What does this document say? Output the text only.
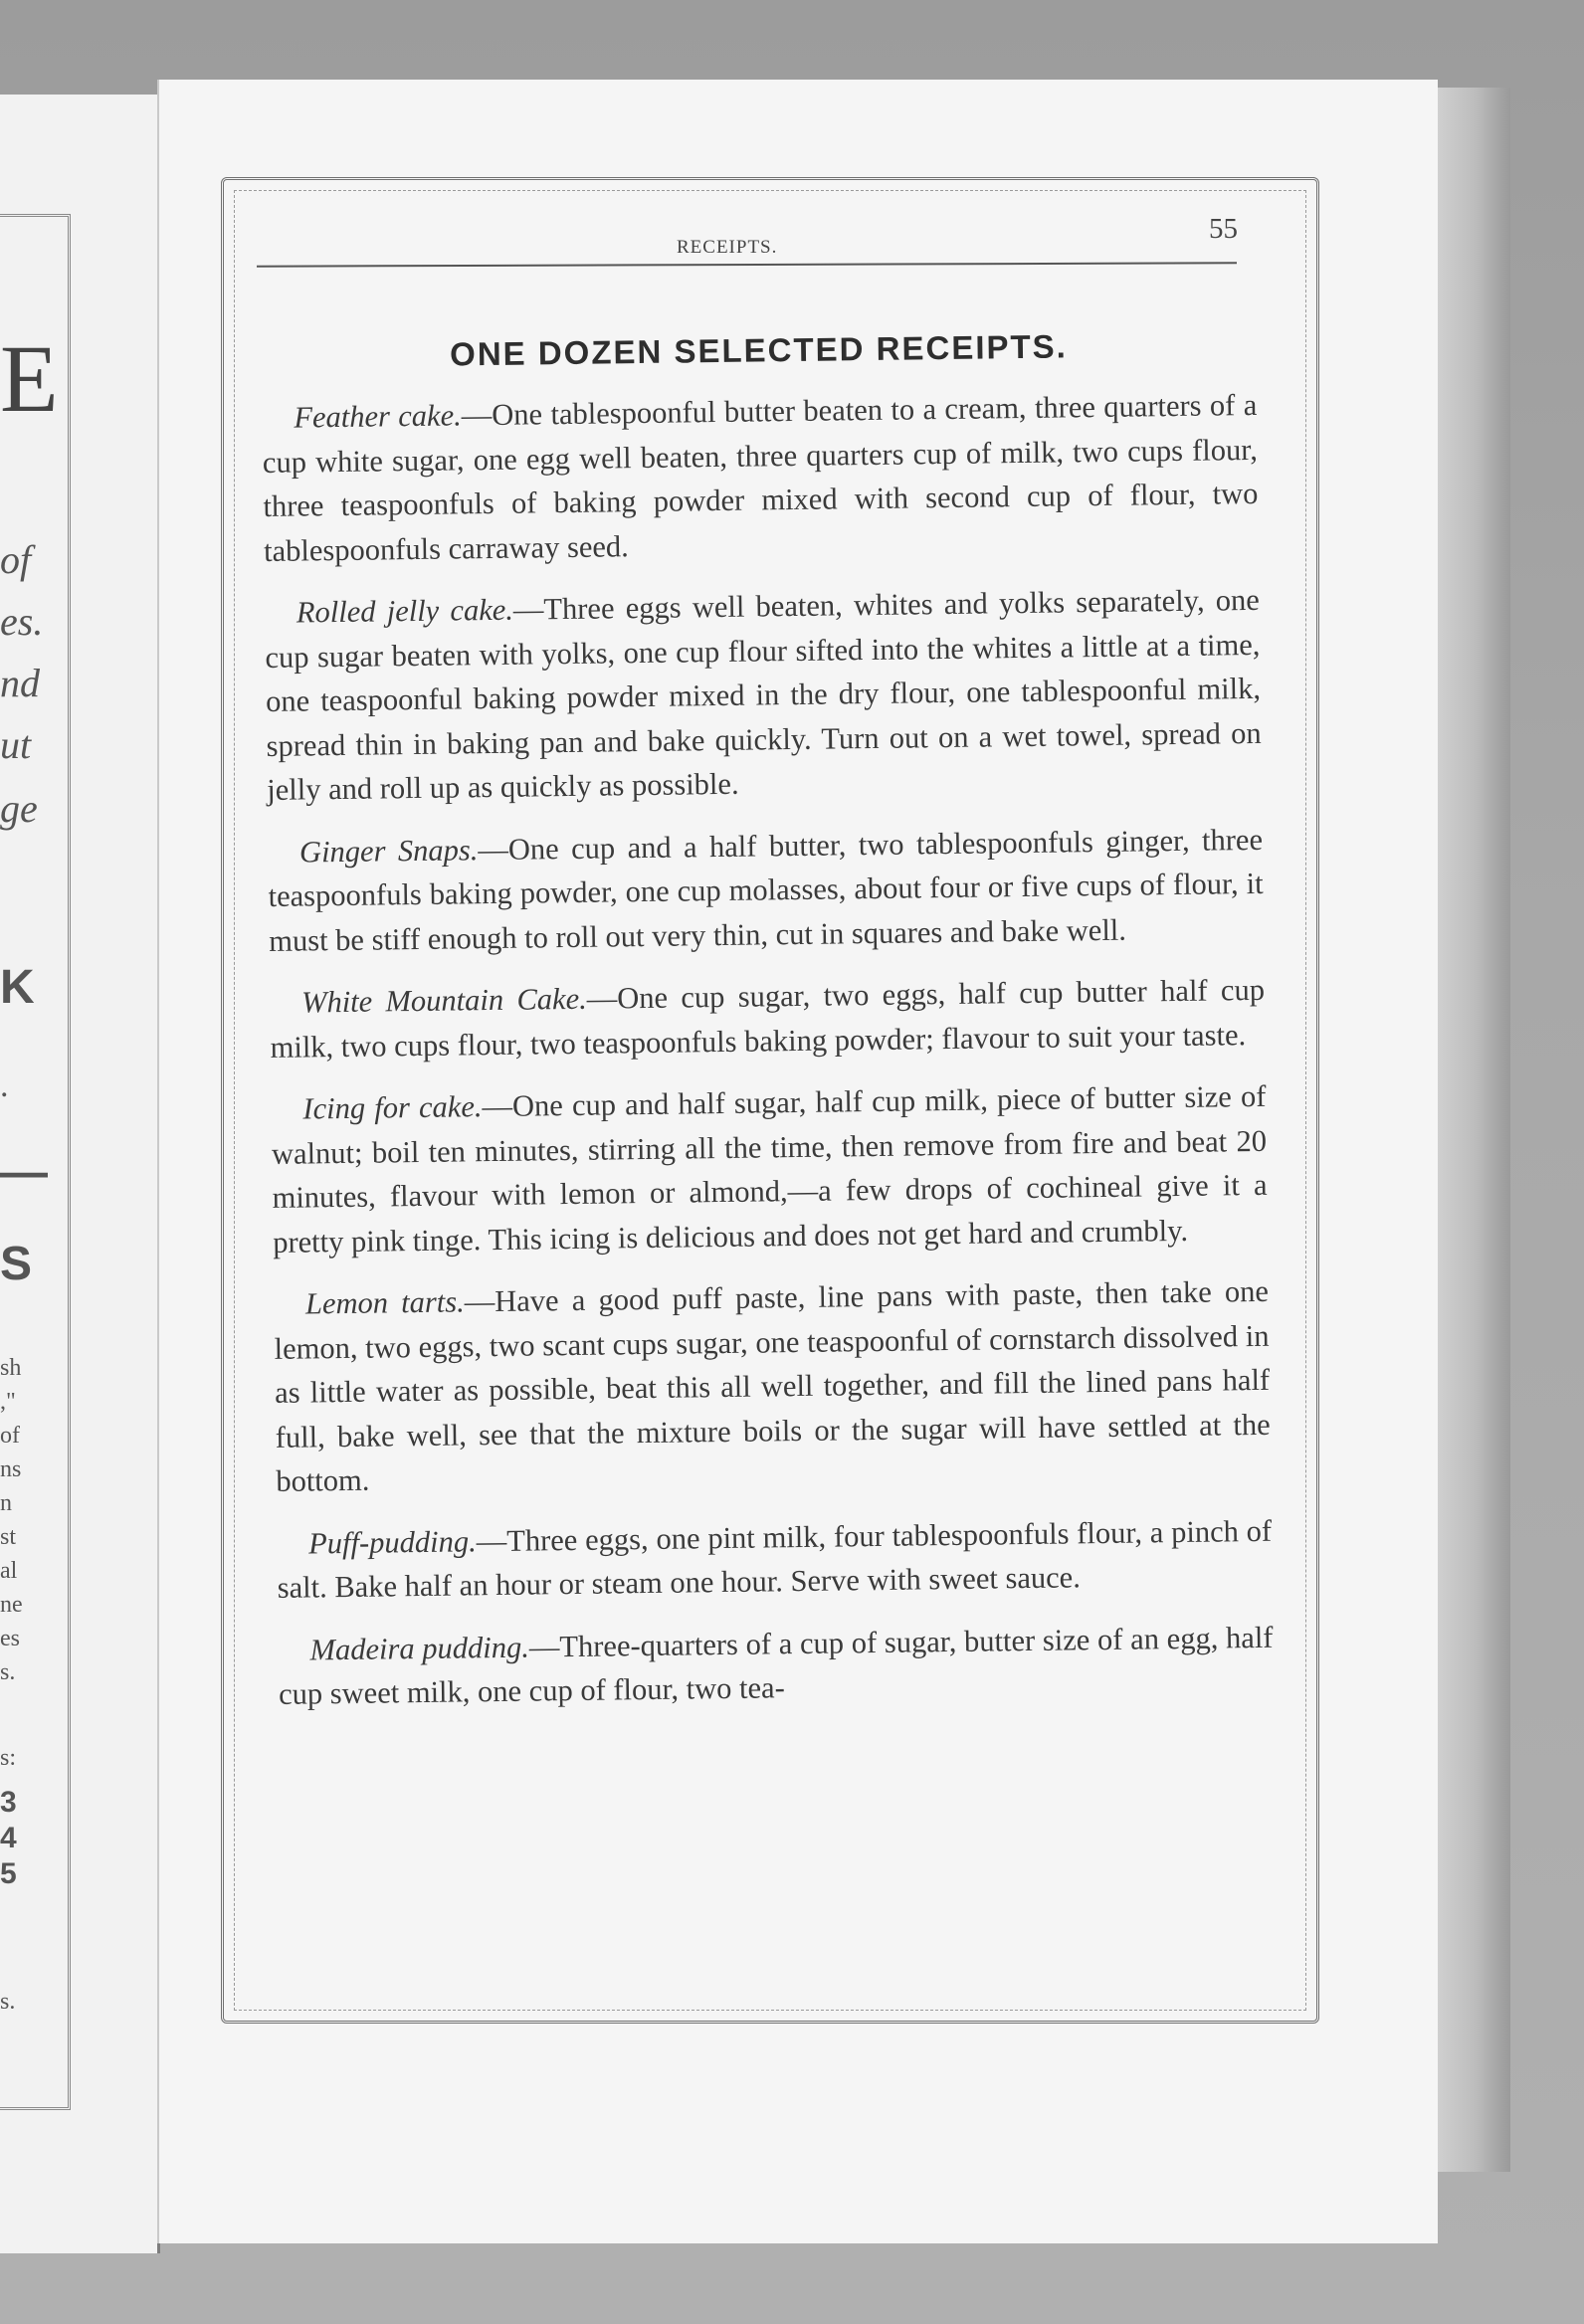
E
of
es.
nd
ut
ge
K
.
—
S
sh
,"
of
ns
n
st
al
ne
es
s.
s:
3
4
5
s.
RECEIPTS.
55
ONE DOZEN SELECTED RECEIPTS.

Feather cake.—One tablespoonful butter beaten to a cream, three quarters of a cup white sugar, one egg well beaten, three quarters cup of milk, two cups flour, three teaspoonfuls of baking powder mixed with second cup of flour, two tablespoonfuls carraway seed.

Rolled jelly cake.—Three eggs well beaten, whites and yolks separately, one cup sugar beaten with yolks, one cup flour sifted into the whites a little at a time, one teaspoonful baking powder mixed in the dry flour, one tablespoonful milk, spread thin in baking pan and bake quickly. Turn out on a wet towel, spread on jelly and roll up as quickly as possible.

Ginger Snaps.—One cup and a half butter, two tablespoonfuls ginger, three teaspoonfuls baking powder, one cup molasses, about four or five cups of flour, it must be stiff enough to roll out very thin, cut in squares and bake well.

White Mountain Cake.—One cup sugar, two eggs, half cup butter half cup milk, two cups flour, two teaspoonfuls baking powder; flavour to suit your taste.

Icing for cake.—One cup and half sugar, half cup milk, piece of butter size of walnut; boil ten minutes, stirring all the time, then remove from fire and beat 20 minutes, flavour with lemon or almond,—a few drops of cochineal give it a pretty pink tinge. This icing is delicious and does not get hard and crumbly.

Lemon tarts.—Have a good puff paste, line pans with paste, then take one lemon, two eggs, two scant cups sugar, one teaspoonful of cornstarch dissolved in as little water as possible, beat this all well together, and fill the lined pans half full, bake well, see that the mixture boils or the sugar will have settled at the bottom.

Puff-pudding.—Three eggs, one pint milk, four tablespoonfuls flour, a pinch of salt. Bake half an hour or steam one hour. Serve with sweet sauce.

Madeira pudding.—Three-quarters of a cup of sugar, butter size of an egg, half cup sweet milk, one cup of flour, two tea-
